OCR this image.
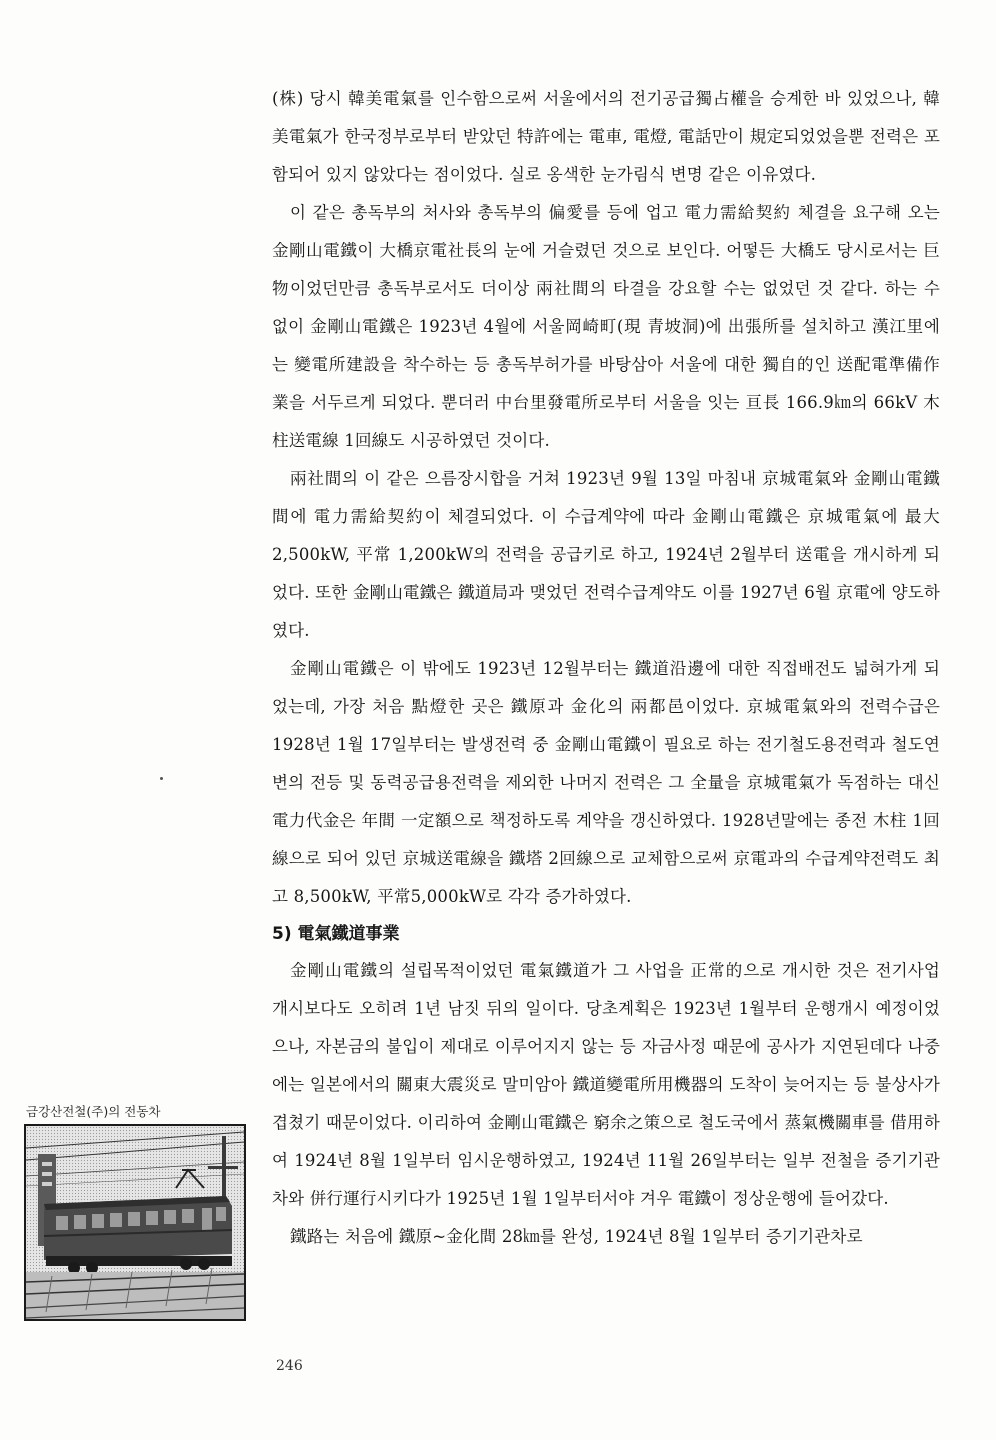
(株) 당시 韓美電氣를 인수함으로써 서울에서의 전기공급獨占權을 승계한 바 있었으나, 韓美電氣가 한국정부로부터 받았던 特許에는 電車, 電燈, 電話만이 規定되었었을뿐 전력은 포함되어 있지 않았다는 점이었다. 실로 옹색한 눈가림식 변명 같은 이유였다.

이 같은 총독부의 처사와 총독부의 偏愛를 등에 업고 電力需給契約 체결을 요구해 오는 金剛山電鐵이 大橋京電社長의 눈에 거슬렸던 것으로 보인다. 어떻든 大橋도 당시로서는 巨物이었던만큼 총독부로서도 더이상 兩社間의 타결을 강요할 수는 없었던 것 같다. 하는 수 없이 金剛山電鐵은 1923년 4월에 서울岡崎町(現 青坡洞)에 出張所를 설치하고 漢江里에는 變電所建設을 착수하는 등 총독부허가를 바탕삼아 서울에 대한 獨自的인 送配電準備作業을 서두르게 되었다. 뿐더러 中台里發電所로부터 서울을 잇는 亘長 166.9㎞의 66kV 木柱送電線 1回線도 시공하였던 것이다.

兩社間의 이 같은 으름장시합을 거쳐 1923년 9월 13일 마침내 京城電氣와 金剛山電鐵間에 電力需給契約이 체결되었다. 이 수급계약에 따라 金剛山電鐵은 京城電氣에 最大 2,500kW, 平常 1,200kW의 전력을 공급키로 하고, 1924년 2월부터 送電을 개시하게 되었다. 또한 金剛山電鐵은 鐵道局과 맺었던 전력수급계약도 이를 1927년 6월 京電에 양도하였다.

金剛山電鐵은 이 밖에도 1923년 12월부터는 鐵道沿邊에 대한 직접배전도 넓혀가게 되었는데, 가장 처음 點燈한 곳은 鐵原과 金化의 兩都邑이었다. 京城電氣와의 전력수급은 1928년 1월 17일부터는 발생전력 중 金剛山電鐵이 필요로 하는 전기철도용전력과 철도연변의 전등 및 동력공급용전력을 제외한 나머지 전력은 그 全量을 京城電氣가 독점하는 대신 電力代金은 年間 一定額으로 책정하도록 계약을 갱신하였다. 1928년말에는 종전 木柱 1回線으로 되어 있던 京城送電線을 鐵塔 2回線으로 교체함으로써 京電과의 수급계약전력도 최고 8,500kW, 平常5,000kW로 각각 증가하였다.

5) 電氣鐵道事業

金剛山電鐵의 설립목적이었던 電氣鐵道가 그 사업을 正常的으로 개시한 것은 전기사업 개시보다도 오히려 1년 남짓 뒤의 일이다. 당초계획은 1923년 1월부터 운행개시 예정이었으나, 자본금의 불입이 제대로 이루어지지 않는 등 자금사정 때문에 공사가 지연된데다 나중에는 일본에서의 關東大震災로 말미암아 鐵道變電所用機器의 도착이 늦어지는 등 불상사가 겹쳤기 때문이었다. 이리하여 金剛山電鐵은 窮余之策으로 철도국에서 蒸氣機關車를 借用하여 1924년 8월 1일부터 임시운행하였고, 1924년 11월 26일부터는 일부 전철을 증기기관차와 併行運行시키다가 1925년 1월 1일부터서야 겨우 電鐵이 정상운행에 들어갔다.

鐵路는 처음에 鐵原~金化間 28㎞를 완성, 1924년 8월 1일부터 증기기관차로

금강산전철(주)의 전동차
246
